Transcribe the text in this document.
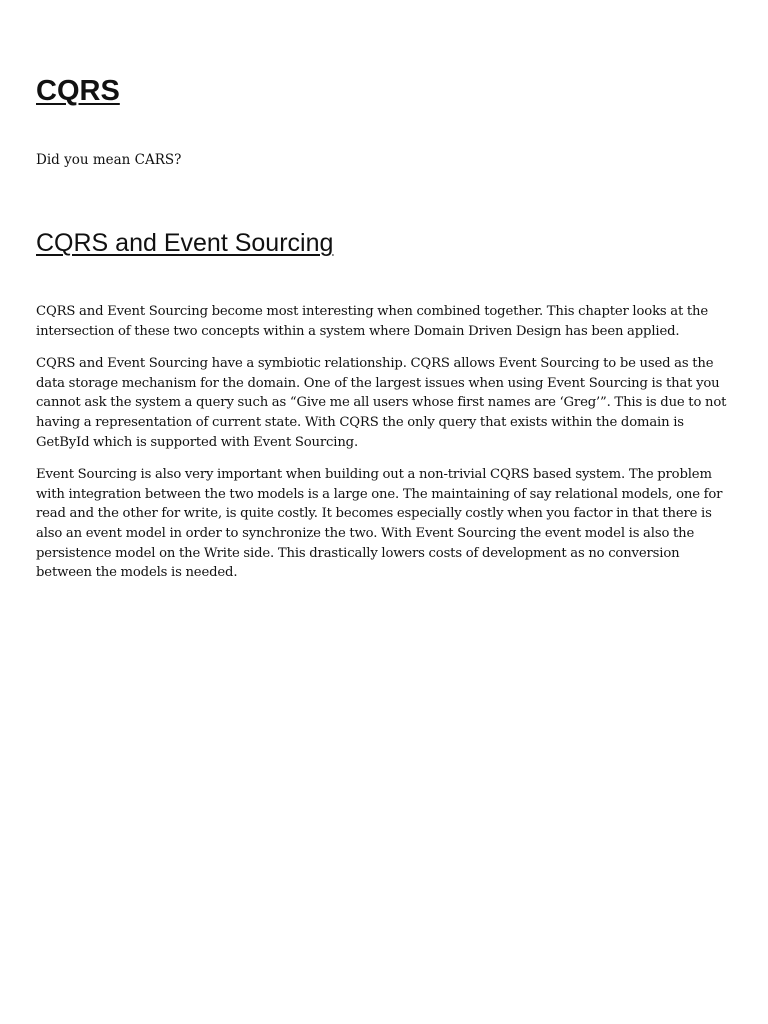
CQRS

Did you mean CARS?

CQRS and Event Sourcing

CQRS and Event Sourcing become most interesting when combined together. This chapter looks at the intersection of these two concepts within a system where Domain Driven Design has been applied.

CQRS and Event Sourcing have a symbiotic relationship. CQRS allows Event Sourcing to be used as the data storage mechanism for the domain. One of the largest issues when using Event Sourcing is that you cannot ask the system a query such as “Give me all users whose first names are ‘Greg’”. This is due to not having a representation of current state. With CQRS the only query that exists within the domain is GetById which is supported with Event Sourcing.

Event Sourcing is also very important when building out a non-trivial CQRS based system. The problem with integration between the two models is a large one. The maintaining of say relational models, one for read and the other for write, is quite costly. It becomes especially costly when you factor in that there is also an event model in order to synchronize the two. With Event Sourcing the event model is also the persistence model on the Write side. This drastically lowers costs of development as no conversion between the models is needed.
